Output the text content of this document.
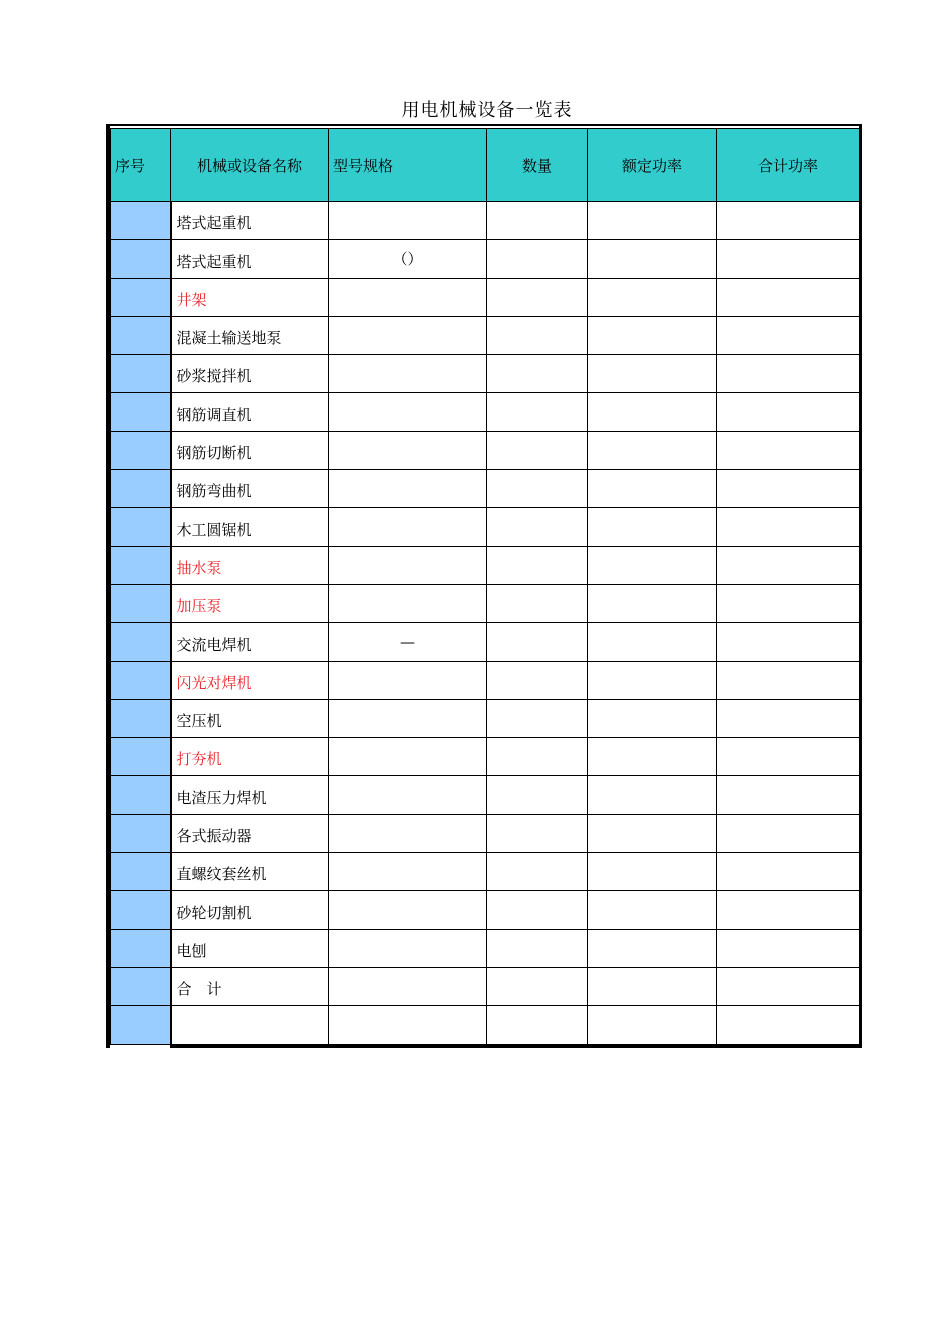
用电机械设备一览表
序号	机械或设备名称	型号规格	数量	额定功率	合计功率
	塔式起重机				
	塔式起重机	（）			
	井架				
	混凝土输送地泵				
	砂浆搅拌机				
	钢筋调直机				
	钢筋切断机				
	钢筋弯曲机				
	木工圆锯机				
	抽水泵				
	加压泵				
	交流电焊机	—			
	闪光对焊机				
	空压机				
	打夯机				
	电渣压力焊机				
	各式振动器				
	直螺纹套丝机				
	砂轮切割机				
	电刨				
	合　计				
